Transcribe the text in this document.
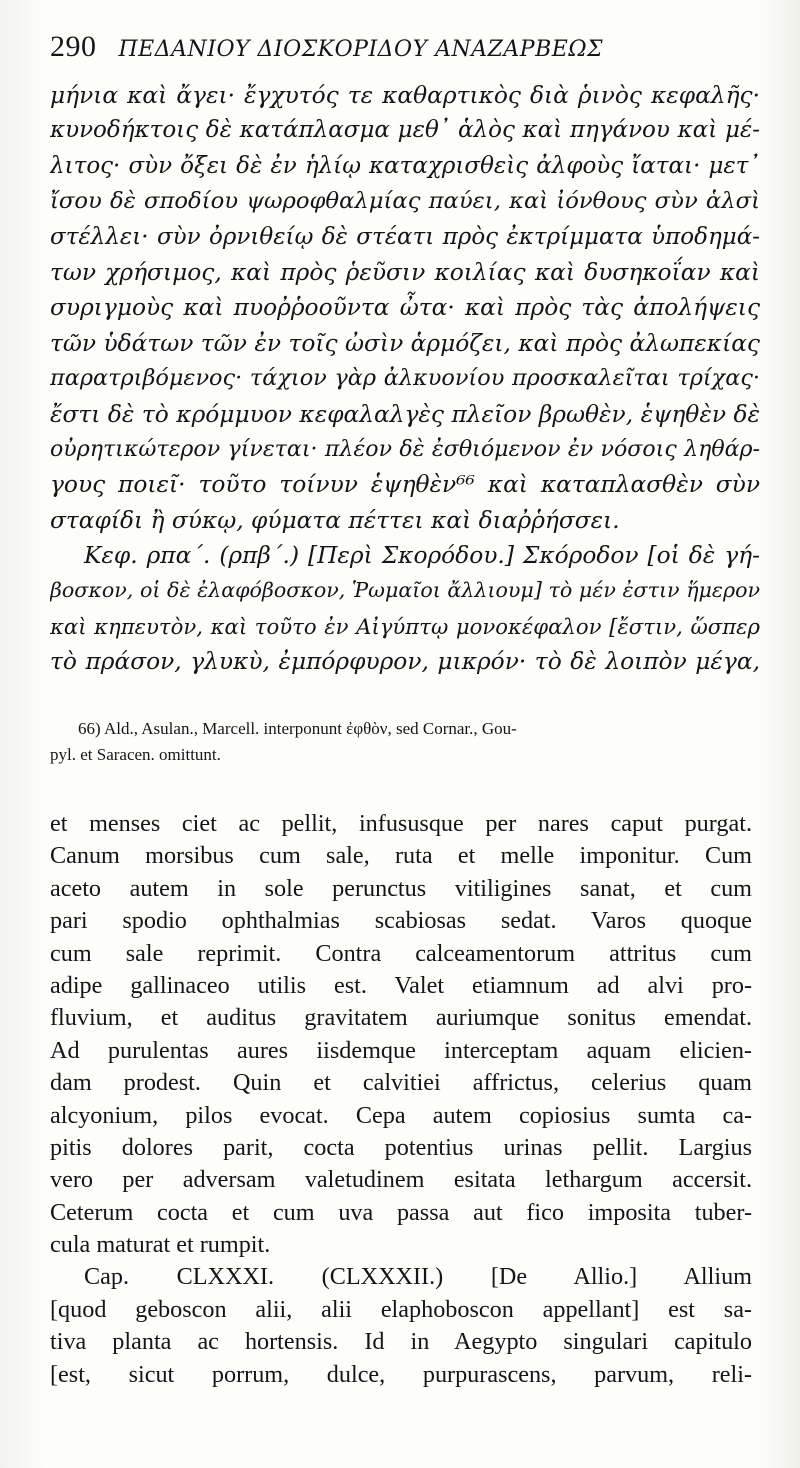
290 ΠΕΔΑΝΙΟΥ ΔΙΟΣΚΟΡΙΔΟΥ ΑΝΑΖΑΡΒΕΩΣ
μήνια καὶ ἄγει· ἔγχυτός τε καθαρτικὸς διὰ ῥινὸς κεφαλῆς·
κυνοδήκτοις δὲ κατάπλασμα μεθ᾽ ἁλὸς καὶ πηγάνου καὶ μέ-
λιτος· σὺν ὄξει δὲ ἐν ἡλίῳ καταχρισθεὶς ἀλφοὺς ἴαται· μετ᾽
ἴσου δὲ σποδίου ψωροφθαλμίας παύει, καὶ ἰόνθους σὺν ἁλσὶ
στέλλει· σὺν ὀρνιθείῳ δὲ στέατι πρὸς ἐκτρίμματα ὑποδημά-
των χρήσιμος, καὶ πρὸς ῥεῦσιν κοιλίας καὶ δυσηκοΐαν καὶ
συριγμοὺς καὶ πυοῤῥοοῦντα ὦτα· καὶ πρὸς τὰς ἀπολήψεις
τῶν ὑδάτων τῶν ἐν τοῖς ὠσὶν ἁρμόζει, καὶ πρὸς ἀλωπεκίας
παρατριβόμενος· τάχιον γὰρ ἀλκυονίου προσκαλεῖται τρίχας·
ἔστι δὲ τὸ κρόμμυον κεφαλαλγὲς πλεῖον βρωθὲν, ἑψηθὲν δὲ
οὐρητικώτερον γίνεται· πλέον δὲ ἐσθιόμενον ἐν νόσοις ληθάρ-
γους ποιεῖ· τοῦτο τοίνυν ἑψηθὲν⁶⁶ καὶ καταπλασθὲν σὺν
σταφίδι ἢ σύκῳ, φύματα πέττει καὶ διαῤῥήσσει.
Κεφ. ρπα΄. (ρπβ΄.) [Περὶ Σκορόδου.] Σκόροδον [οἱ δὲ γή-
βοσκον, οἱ δὲ ἐλαφόβοσκον, Ῥωμαῖοι ἄλλιουμ] τὸ μέν ἐστιν ἥμερον
καὶ κηπευτὸν, καὶ τοῦτο ἐν Αἰγύπτῳ μονοκέφαλον [ἔστιν, ὥσπερ
τὸ πράσον, γλυκὺ, ἐμπόρφυρον, μικρόν· τὸ δὲ λοιπὸν μέγα,
66) Ald., Asulan., Marcell. interponunt ἐφθὸν, sed Cornar., Gou-
pyl. et Saracen. omittunt.
et menses ciet ac pellit, infususque per nares caput purgat.
Canum morsibus cum sale, ruta et melle imponitur. Cum
aceto autem in sole perunctus vitiligines sanat, et cum
pari spodio ophthalmias scabiosas sedat. Varos quoque
cum sale reprimit. Contra calceamentorum attritus cum
adipe gallinaceo utilis est. Valet etiamnum ad alvi pro-
fluvium, et auditus gravitatem auriumque sonitus emendat.
Ad purulentas aures iisdemque interceptam aquam elicien-
dam prodest. Quin et calvitiei affrictus, celerius quam
alcyonium, pilos evocat. Cepa autem copiosius sumta ca-
pitis dolores parit, cocta potentius urinas pellit. Largius
vero per adversam valetudinem esitata lethargum accersit.
Ceterum cocta et cum uva passa aut fico imposita tuber-
cula maturat et rumpit.
Cap. CLXXXI. (CLXXXII.) [De Allio.] Allium
[quod geboscon alii, alii elaphoboscon appellant] est sa-
tiva planta ac hortensis. Id in Aegypto singulari capitulo
[est, sicut porrum, dulce, purpurascens, parvum, reli-
